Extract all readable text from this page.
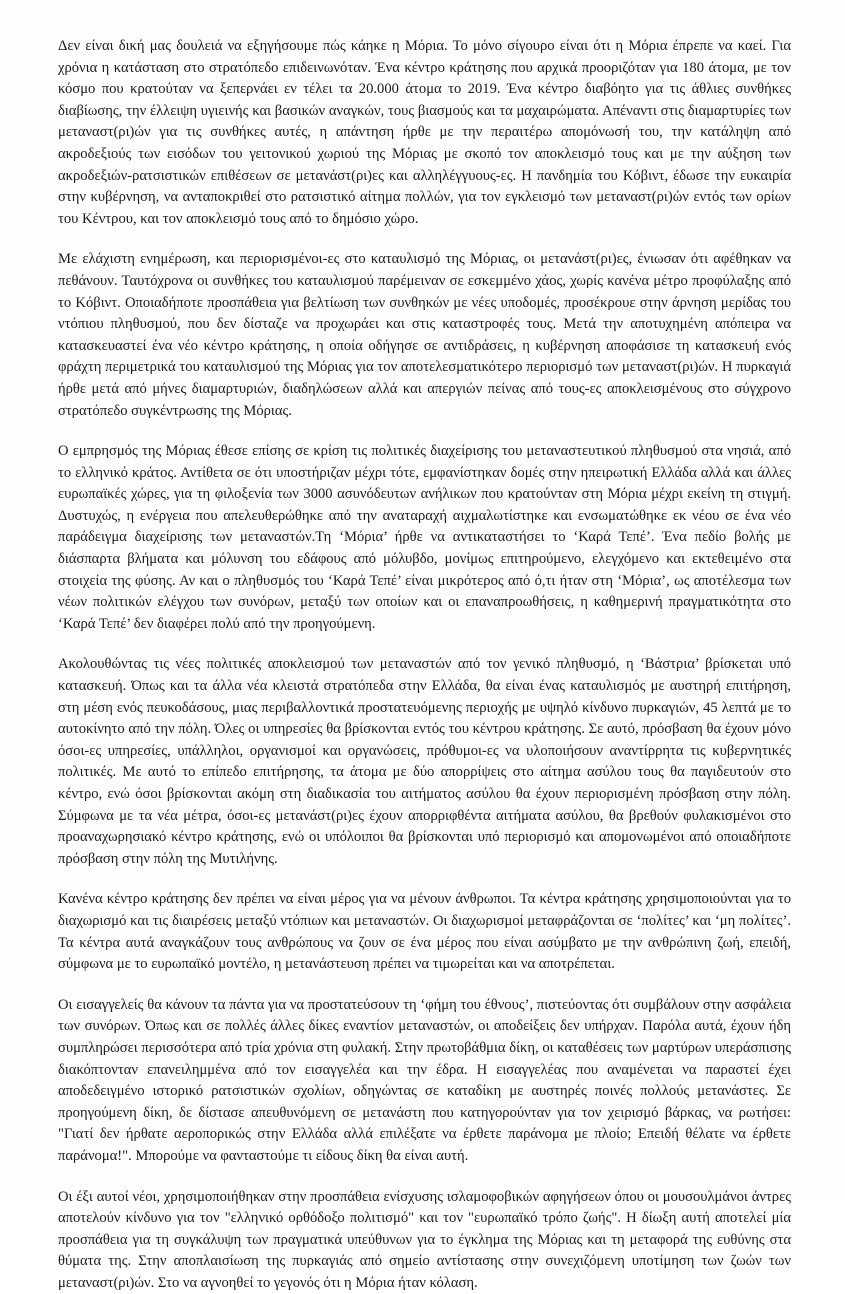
Δεν είναι δική μας δουλειά να εξηγήσουμε πώς κάηκε η Μόρια. Το μόνο σίγουρο είναι ότι η Μόρια έπρεπε να καεί. Για χρόνια η κατάσταση στο στρατόπεδο επιδεινωνόταν. Ένα κέντρο κράτησης που αρχικά προοριζόταν για 180 άτομα, με τον κόσμο που κρατούταν να ξεπερνάει εν τέλει τα 20.000 άτομα το 2019. Ένα κέντρο διαβόητο για τις άθλιες συνθήκες διαβίωσης, την έλλειψη υγιεινής και βασικών αναγκών, τους βιασμούς και τα μαχαιρώματα. Απέναντι στις διαμαρτυρίες των μεταναστ(ρι)ών για τις συνθήκες αυτές, η απάντηση ήρθε με την περαιτέρω απομόνωσή του, την κατάληψη από ακροδεξιούς των εισόδων του γειτονικού χωριού της Μόριας με σκοπό τον αποκλεισμό τους και με την αύξηση των ακροδεξιών-ρατσιστικών επιθέσεων σε μετανάστ(ρι)ες και αλληλέγγυους-ες. Η πανδημία του Κόβιντ, έδωσε την ευκαιρία στην κυβέρνηση, να ανταποκριθεί στο ρατσιστικό αίτημα πολλών, για τον εγκλεισμό των μεταναστ(ρι)ών εντός των ορίων του Κέντρου, και τον αποκλεισμό τους από το δημόσιο χώρο.

Με ελάχιστη ενημέρωση, και περιορισμένοι-ες στο καταυλισμό της Μόριας, οι μετανάστ(ρι)ες, ένιωσαν ότι αφέθηκαν να πεθάνουν. Ταυτόχρονα οι συνθήκες του καταυλισμού παρέμειναν σε εσκεμμένο χάος, χωρίς κανένα μέτρο προφύλαξης από το Κόβιντ. Οποιαδήποτε προσπάθεια για βελτίωση των συνθηκών με νέες υποδομές, προσέκρουε στην άρνηση μερίδας του ντόπιου πληθυσμού, που δεν δίσταζε να προχωράει και στις καταστροφές τους. Μετά την αποτυχημένη απόπειρα να κατασκευαστεί ένα νέο κέντρο κράτησης, η οποία οδήγησε σε αντιδράσεις, η κυβέρνηση αποφάσισε τη κατασκευή ενός φράχτη περιμετρικά του καταυλισμού της Μόριας για τον αποτελεσματικότερο περιορισμό των μεταναστ(ρι)ών. Η πυρκαγιά ήρθε μετά από μήνες διαμαρτυριών, διαδηλώσεων αλλά και απεργιών πείνας από τους-ες αποκλεισμένους στο σύγχρονο στρατόπεδο συγκέντρωσης της Μόριας.

Ο εμπρησμός της Μόριας έθεσε επίσης σε κρίση τις πολιτικές διαχείρισης του μεταναστευτικού πληθυσμού στα νησιά, από το ελληνικό κράτος. Αντίθετα σε ότι υποστήριζαν μέχρι τότε, εμφανίστηκαν δομές στην ηπειρωτική Ελλάδα αλλά και άλλες ευρωπαϊκές χώρες, για τη φιλοξενία των 3000 ασυνόδευτων ανήλικων που κρατούνταν στη Μόρια μέχρι εκείνη τη στιγμή. Δυστυχώς, η ενέργεια που απελευθερώθηκε από την αναταραχή αιχμαλωτίστηκε και ενσωματώθηκε εκ νέου σε ένα νέο παράδειγμα διαχείρισης των μεταναστών.Τη ‘Μόρια’ ήρθε να αντικαταστήσει το ‘Καρά Τεπέ’. Ένα πεδίο βολής με διάσπαρτα βλήματα και μόλυνση του εδάφους από μόλυβδο, μονίμως επιτηρούμενο, ελεγχόμενο και εκτεθειμένο στα στοιχεία της φύσης. Αν και ο πληθυσμός του ‘Καρά Τεπέ’ είναι μικρότερος από ό,τι ήταν στη ‘Μόρια’, ως αποτέλεσμα των νέων πολιτικών ελέγχου των συνόρων, μεταξύ των οποίων και οι επαναπροωθήσεις, η καθημερινή πραγματικότητα στο ‘Καρά Τεπέ’ δεν διαφέρει πολύ από την προηγούμενη.

Ακολουθώντας τις νέες πολιτικές αποκλεισμού των μεταναστών από τον γενικό πληθυσμό, η ‘Βάστρια’ βρίσκεται υπό κατασκευή. Όπως και τα άλλα νέα κλειστά στρατόπεδα στην Ελλάδα, θα είναι ένας καταυλισμός με αυστηρή επιτήρηση, στη μέση ενός πευκοδάσους, μιας περιβαλλοντικά προστατευόμενης περιοχής με υψηλό κίνδυνο πυρκαγιών, 45 λεπτά με το αυτοκίνητο από την πόλη. Όλες οι υπηρεσίες θα βρίσκονται εντός του κέντρου κράτησης. Σε αυτό, πρόσβαση θα έχουν μόνο όσοι-ες υπηρεσίες, υπάλληλοι, οργανισμοί και οργανώσεις, πρόθυμοι-ες να υλοποιήσουν αναντίρρητα τις κυβερνητικές πολιτικές. Με αυτό το επίπεδο επιτήρησης, τα άτομα με δύο απορρίψεις στο αίτημα ασύλου τους θα παγιδευτούν στο κέντρο, ενώ όσοι βρίσκονται ακόμη στη διαδικασία του αιτήματος ασύλου θα έχουν περιορισμένη πρόσβαση στην πόλη. Σύμφωνα με τα νέα μέτρα, όσοι-ες μετανάστ(ρι)ες έχουν απορριφθέντα αιτήματα ασύλου, θα βρεθούν φυλακισμένοι στο προαναχωρησιακό κέντρο κράτησης, ενώ οι υπόλοιποι θα βρίσκονται υπό περιορισμό και απομονωμένοι από οποιαδήποτε πρόσβαση στην πόλη της Μυτιλήνης.

Κανένα κέντρο κράτησης δεν πρέπει να είναι μέρος για να μένουν άνθρωποι. Τα κέντρα κράτησης χρησιμοποιούνται για το διαχωρισμό και τις διαιρέσεις μεταξύ ντόπιων και μεταναστών. Οι διαχωρισμοί μεταφράζονται σε ‘πολίτες’ και ‘μη πολίτες’. Τα κέντρα αυτά αναγκάζουν τους ανθρώπους να ζουν σε ένα μέρος που είναι ασύμβατο με την ανθρώπινη ζωή, επειδή, σύμφωνα με το ευρωπαϊκό μοντέλο, η μετανάστευση πρέπει να τιμωρείται και να αποτρέπεται.

Οι εισαγγελείς θα κάνουν τα πάντα για να προστατεύσουν τη ‘φήμη του έθνους’, πιστεύοντας ότι συμβάλουν στην ασφάλεια των συνόρων. Όπως και σε πολλές άλλες δίκες εναντίον μεταναστών, οι αποδείξεις δεν υπήρχαν. Παρόλα αυτά, έχουν ήδη συμπληρώσει περισσότερα από τρία χρόνια στη φυλακή. Στην πρωτοβάθμια δίκη, οι καταθέσεις των μαρτύρων υπεράσπισης διακόπτονταν επανειλημμένα από τον εισαγγελέα και την έδρα. Η εισαγγελέας που αναμένεται να παραστεί έχει αποδεδειγμένο ιστορικό ρατσιστικών σχολίων, οδηγώντας σε καταδίκη με αυστηρές ποινές πολλούς μετανάστες. Σε προηγούμενη δίκη, δε δίστασε απευθυνόμενη σε μετανάστη που κατηγορούνταν για τον χειρισμό βάρκας, να ρωτήσει: "Γιατί δεν ήρθατε αεροπορικώς στην Ελλάδα αλλά επιλέξατε να έρθετε παράνομα με πλοίο; Επειδή θέλατε να έρθετε παράνομα!". Μπορούμε να φανταστούμε τι είδους δίκη θα είναι αυτή.

Οι έξι αυτοί νέοι, χρησιμοποιήθηκαν στην προσπάθεια ενίσχυσης ισλαμοφοβικών αφηγήσεων όπου οι μουσουλμάνοι άντρες αποτελούν κίνδυνο για τον "ελληνικό ορθόδοξο πολιτισμό" και τον "ευρωπαϊκό τρόπο ζωής". Η δίωξη αυτή αποτελεί μία προσπάθεια για τη συγκάλυψη των πραγματικά υπεύθυνων για το έγκλημα της Μόριας και τη μεταφορά της ευθύνης στα θύματα της. Στην αποπλαισίωση της πυρκαγιάς από σημείο αντίστασης στην συνεχιζόμενη υποτίμηση των ζωών των μεταναστ(ρι)ών. Στο να αγνοηθεί το γεγονός ότι η Μόρια ήταν κόλαση.
